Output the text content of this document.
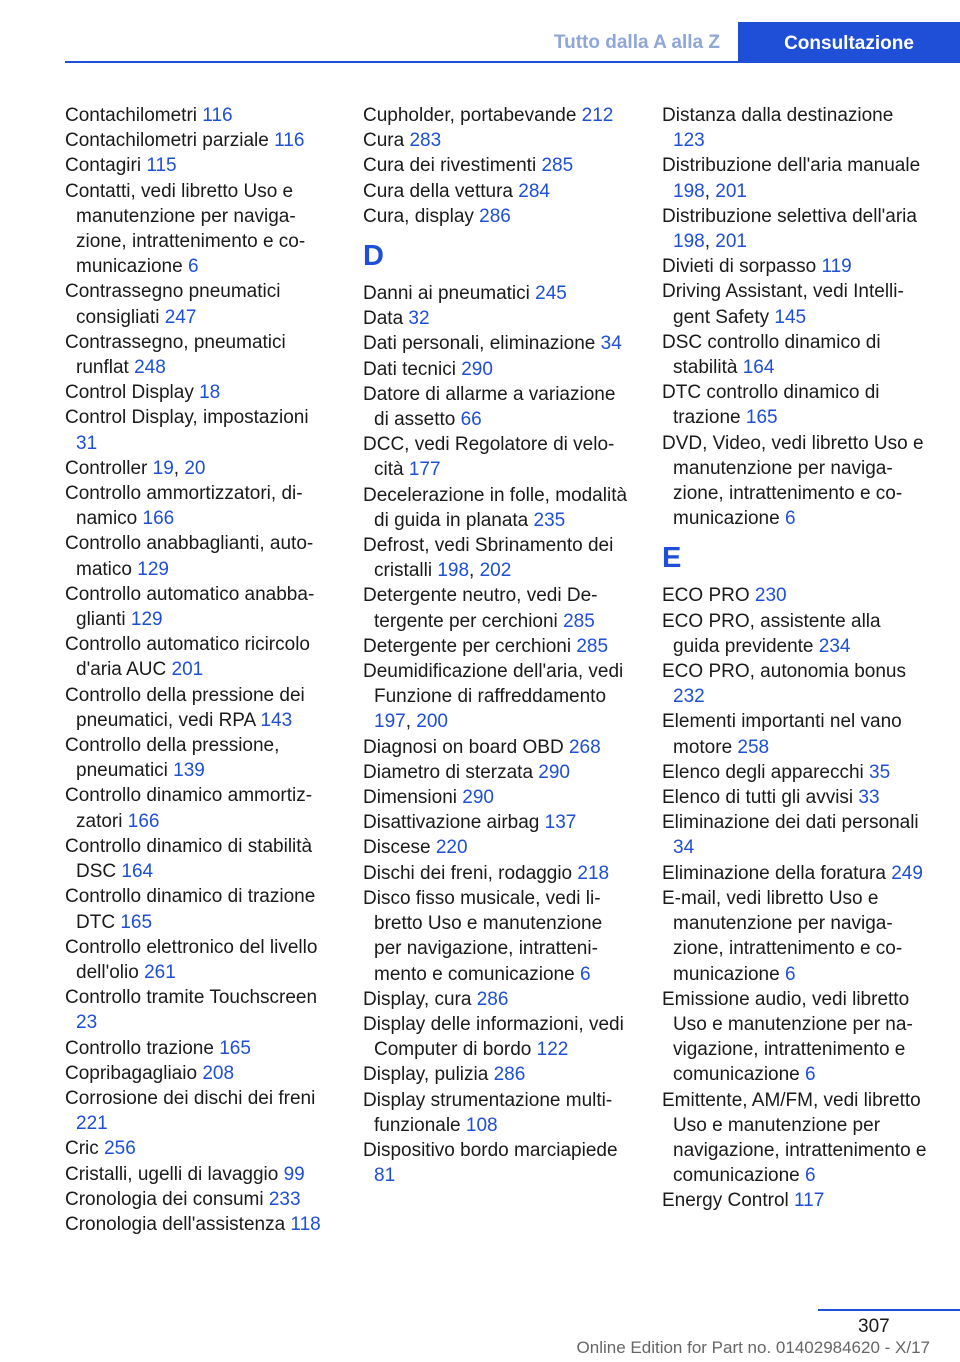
Tutto dalla A alla Z	Consultazione

Contachilometri 116

Contachilometri parziale 116

Contagiri 115

Contatti, vedi libretto Uso e manutenzione per navigazione, intrattenimento e comunicazione 6

Contrassegno pneumatici consigliati 247

Contrassegno, pneumatici runflat 248

Control Display 18

Control Display, impostazioni 31

Controller 19, 20

Controllo ammortizzatori, dinamico 166

Controllo anabbaglianti, automatico 129

Controllo automatico anabbaglianti 129

Controllo automatico ricircolo d'aria AUC 201

Controllo della pressione dei pneumatici, vedi RPA 143

Controllo della pressione, pneumatici 139

Controllo dinamico ammortizzatori 166

Controllo dinamico di stabilità DSC 164

Controllo dinamico di trazione DTC 165

Controllo elettronico del livello dell'olio 261

Controllo tramite Touchscreen 23

Controllo trazione 165

Copribagagliaio 208

Corrosione dei dischi dei freni 221

Cric 256

Cristalli, ugelli di lavaggio 99

Cronologia dei consumi 233

Cronologia dell'assistenza 118

Cupholder, portabevande 212

Cura 283

Cura dei rivestimenti 285

Cura della vettura 284

Cura, display 286

D

Danni ai pneumatici 245

Data 32

Dati personali, eliminazione 34

Dati tecnici 290

Datore di allarme a variazione di assetto 66

DCC, vedi Regolatore di velocità 177

Decelerazione in folle, modalità di guida in planata 235

Defrost, vedi Sbrinamento dei cristalli 198, 202

Detergente neutro, vedi Detergente per cerchioni 285

Detergente per cerchioni 285

Deumidificazione dell'aria, vedi Funzione di raffreddamento 197, 200

Diagnosi on board OBD 268

Diametro di sterzata 290

Dimensioni 290

Disattivazione airbag 137

Discese 220

Dischi dei freni, rodaggio 218

Disco fisso musicale, vedi libretto Uso e manutenzione per navigazione, intrattenimento e comunicazione 6

Display, cura 286

Display delle informazioni, vedi Computer di bordo 122

Display, pulizia 286

Display strumentazione multifunzionale 108

Dispositivo bordo marciapiede 81

Distanza dalla destinazione 123

Distribuzione dell'aria manuale 198, 201

Distribuzione selettiva dell'aria 198, 201

Divieti di sorpasso 119

Driving Assistant, vedi Intelligent Safety 145

DSC controllo dinamico di stabilità 164

DTC controllo dinamico di trazione 165

DVD, Video, vedi libretto Uso e manutenzione per navigazione, intrattenimento e comunicazione 6

E

ECO PRO 230

ECO PRO, assistente alla guida previdente 234

ECO PRO, autonomia bonus 232

Elementi importanti nel vano motore 258

Elenco degli apparecchi 35

Elenco di tutti gli avvisi 33

Eliminazione dei dati personali 34

Eliminazione della foratura 249

E-mail, vedi libretto Uso e manutenzione per navigazione, intrattenimento e comunicazione 6

Emissione audio, vedi libretto Uso e manutenzione per navigazione, intrattenimento e comunicazione 6

Emittente, AM/FM, vedi libretto Uso e manutenzione per navigazione, intrattenimento e comunicazione 6

Energy Control 117

307
Online Edition for Part no. 01402984620 - X/17
